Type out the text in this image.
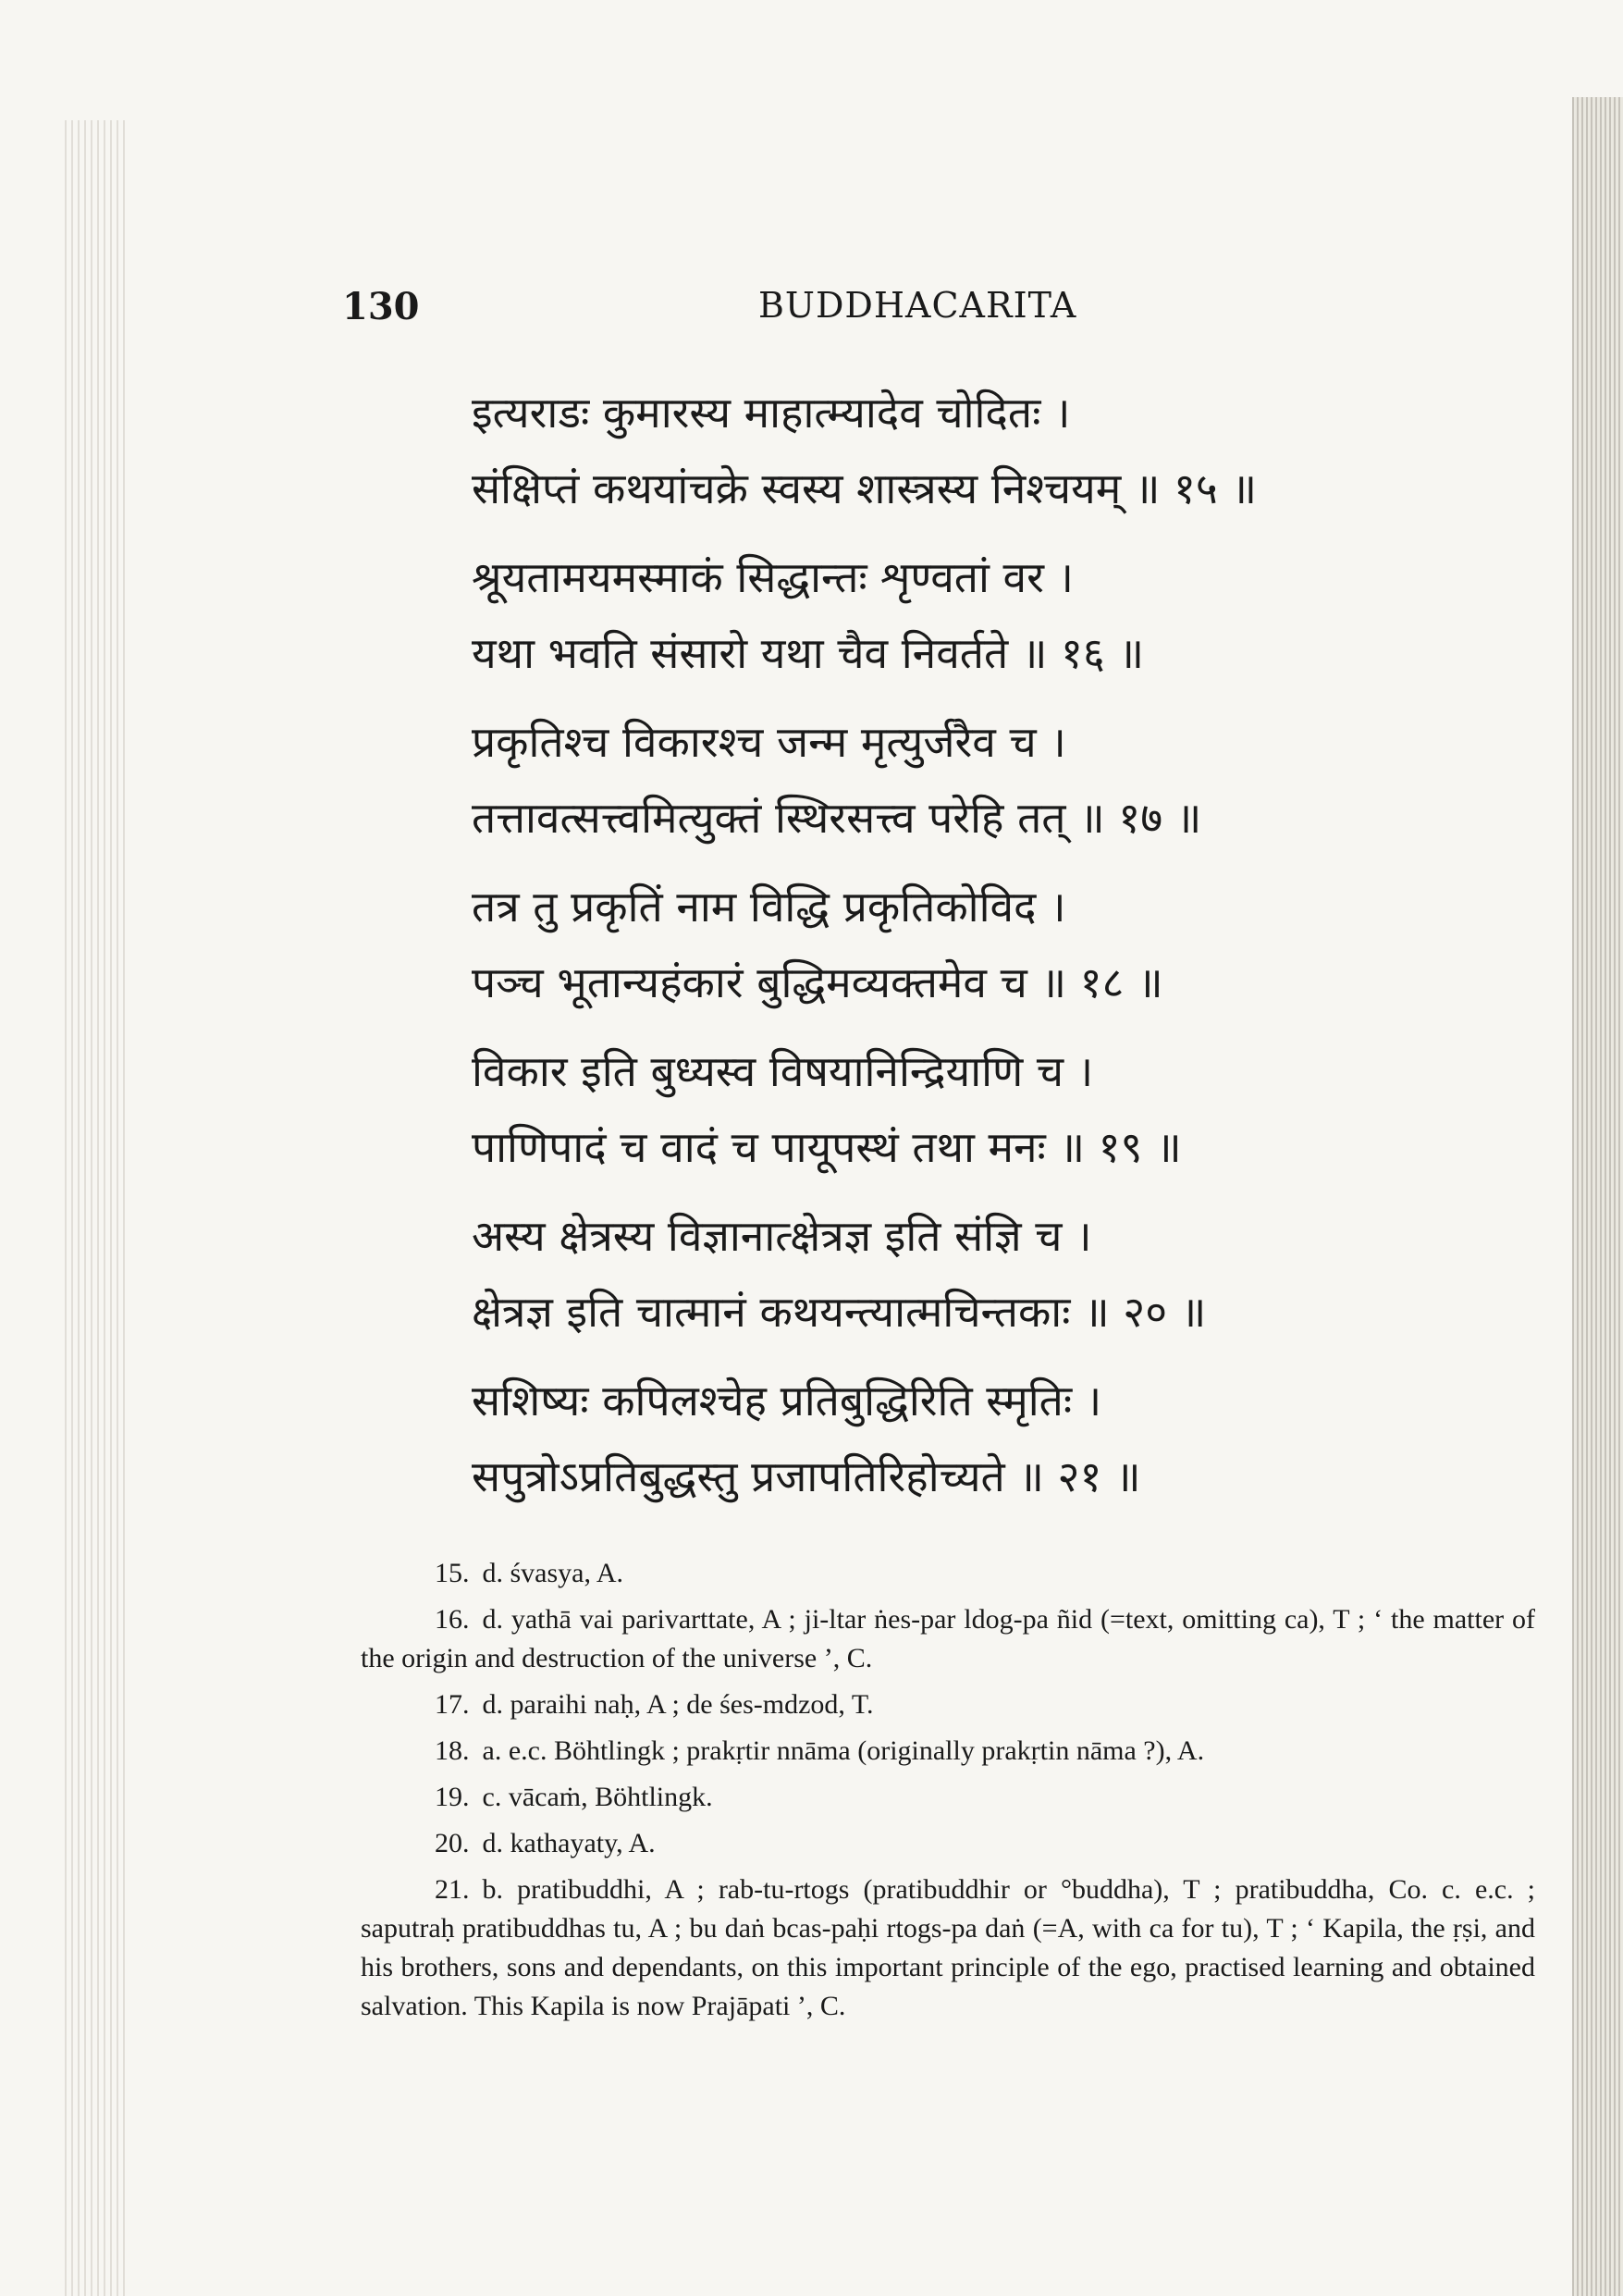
130	BUDDHACARITA
इत्यराडः कुमारस्य माहात्म्यादेव चोदितः ।
संक्षिप्तं कथयांचक्रे स्वस्य शास्त्रस्य निश्चयम् ॥ १५ ॥
श्रूयतामयमस्माकं सिद्धान्तः शृण्वतां वर ।
यथा भवति संसारो यथा चैव निवर्तते ॥ १६ ॥
प्रकृतिश्च विकारश्च जन्म मृत्युर्जरैव च ।
तत्तावत्सत्त्वमित्युक्तं स्थिरसत्त्व परेहि तत् ॥ १७ ॥
तत्र तु प्रकृतिं नाम विद्धि प्रकृतिकोविद ।
पञ्च भूतान्यहंकारं बुद्धिमव्यक्तमेव च ॥ १८ ॥
विकार इति बुध्यस्व विषयानिन्द्रियाणि च ।
पाणिपादं च वादं च पायूपस्थं तथा मनः ॥ १९ ॥
अस्य क्षेत्रस्य विज्ञानात्क्षेत्रज्ञ इति संज्ञि च ।
क्षेत्रज्ञ इति चात्मानं कथयन्त्यात्मचिन्तकाः ॥ २० ॥
सशिष्यः कपिलश्चेह प्रतिबुद्धिरिति स्मृतिः ।
सपुत्रोऽप्रतिबुद्धस्तु प्रजापतिरिहोच्यते ॥ २१ ॥

15. d. śvasya, A.

16. d. yathā vai parivarttate, A ; ji-ltar ṅes-par ldog-pa ñid (=text, omitting ca), T ; ‘ the matter of the origin and destruction of the universe ’, C.

17. d. paraihi naḥ, A ; de śes-mdzod, T.

18. a. e.c. Böhtlingk ; prakṛtir nnāma (originally prakṛtin nāma ?), A.

19. c. vācaṁ, Böhtlingk.

20. d. kathayaty, A.

21. b. pratibuddhi, A ; rab-tu-rtogs (pratibuddhir or °buddha), T ; pratibuddha, Co. c. e.c. ; saputraḥ pratibuddhas tu, A ; bu daṅ bcas-paḥi rtogs-pa daṅ (=A, with ca for tu), T ; ‘ Kapila, the ṛṣi, and his brothers, sons and dependants, on this important principle of the ego, practised learning and obtained salvation. This Kapila is now Prajāpati ’, C.
